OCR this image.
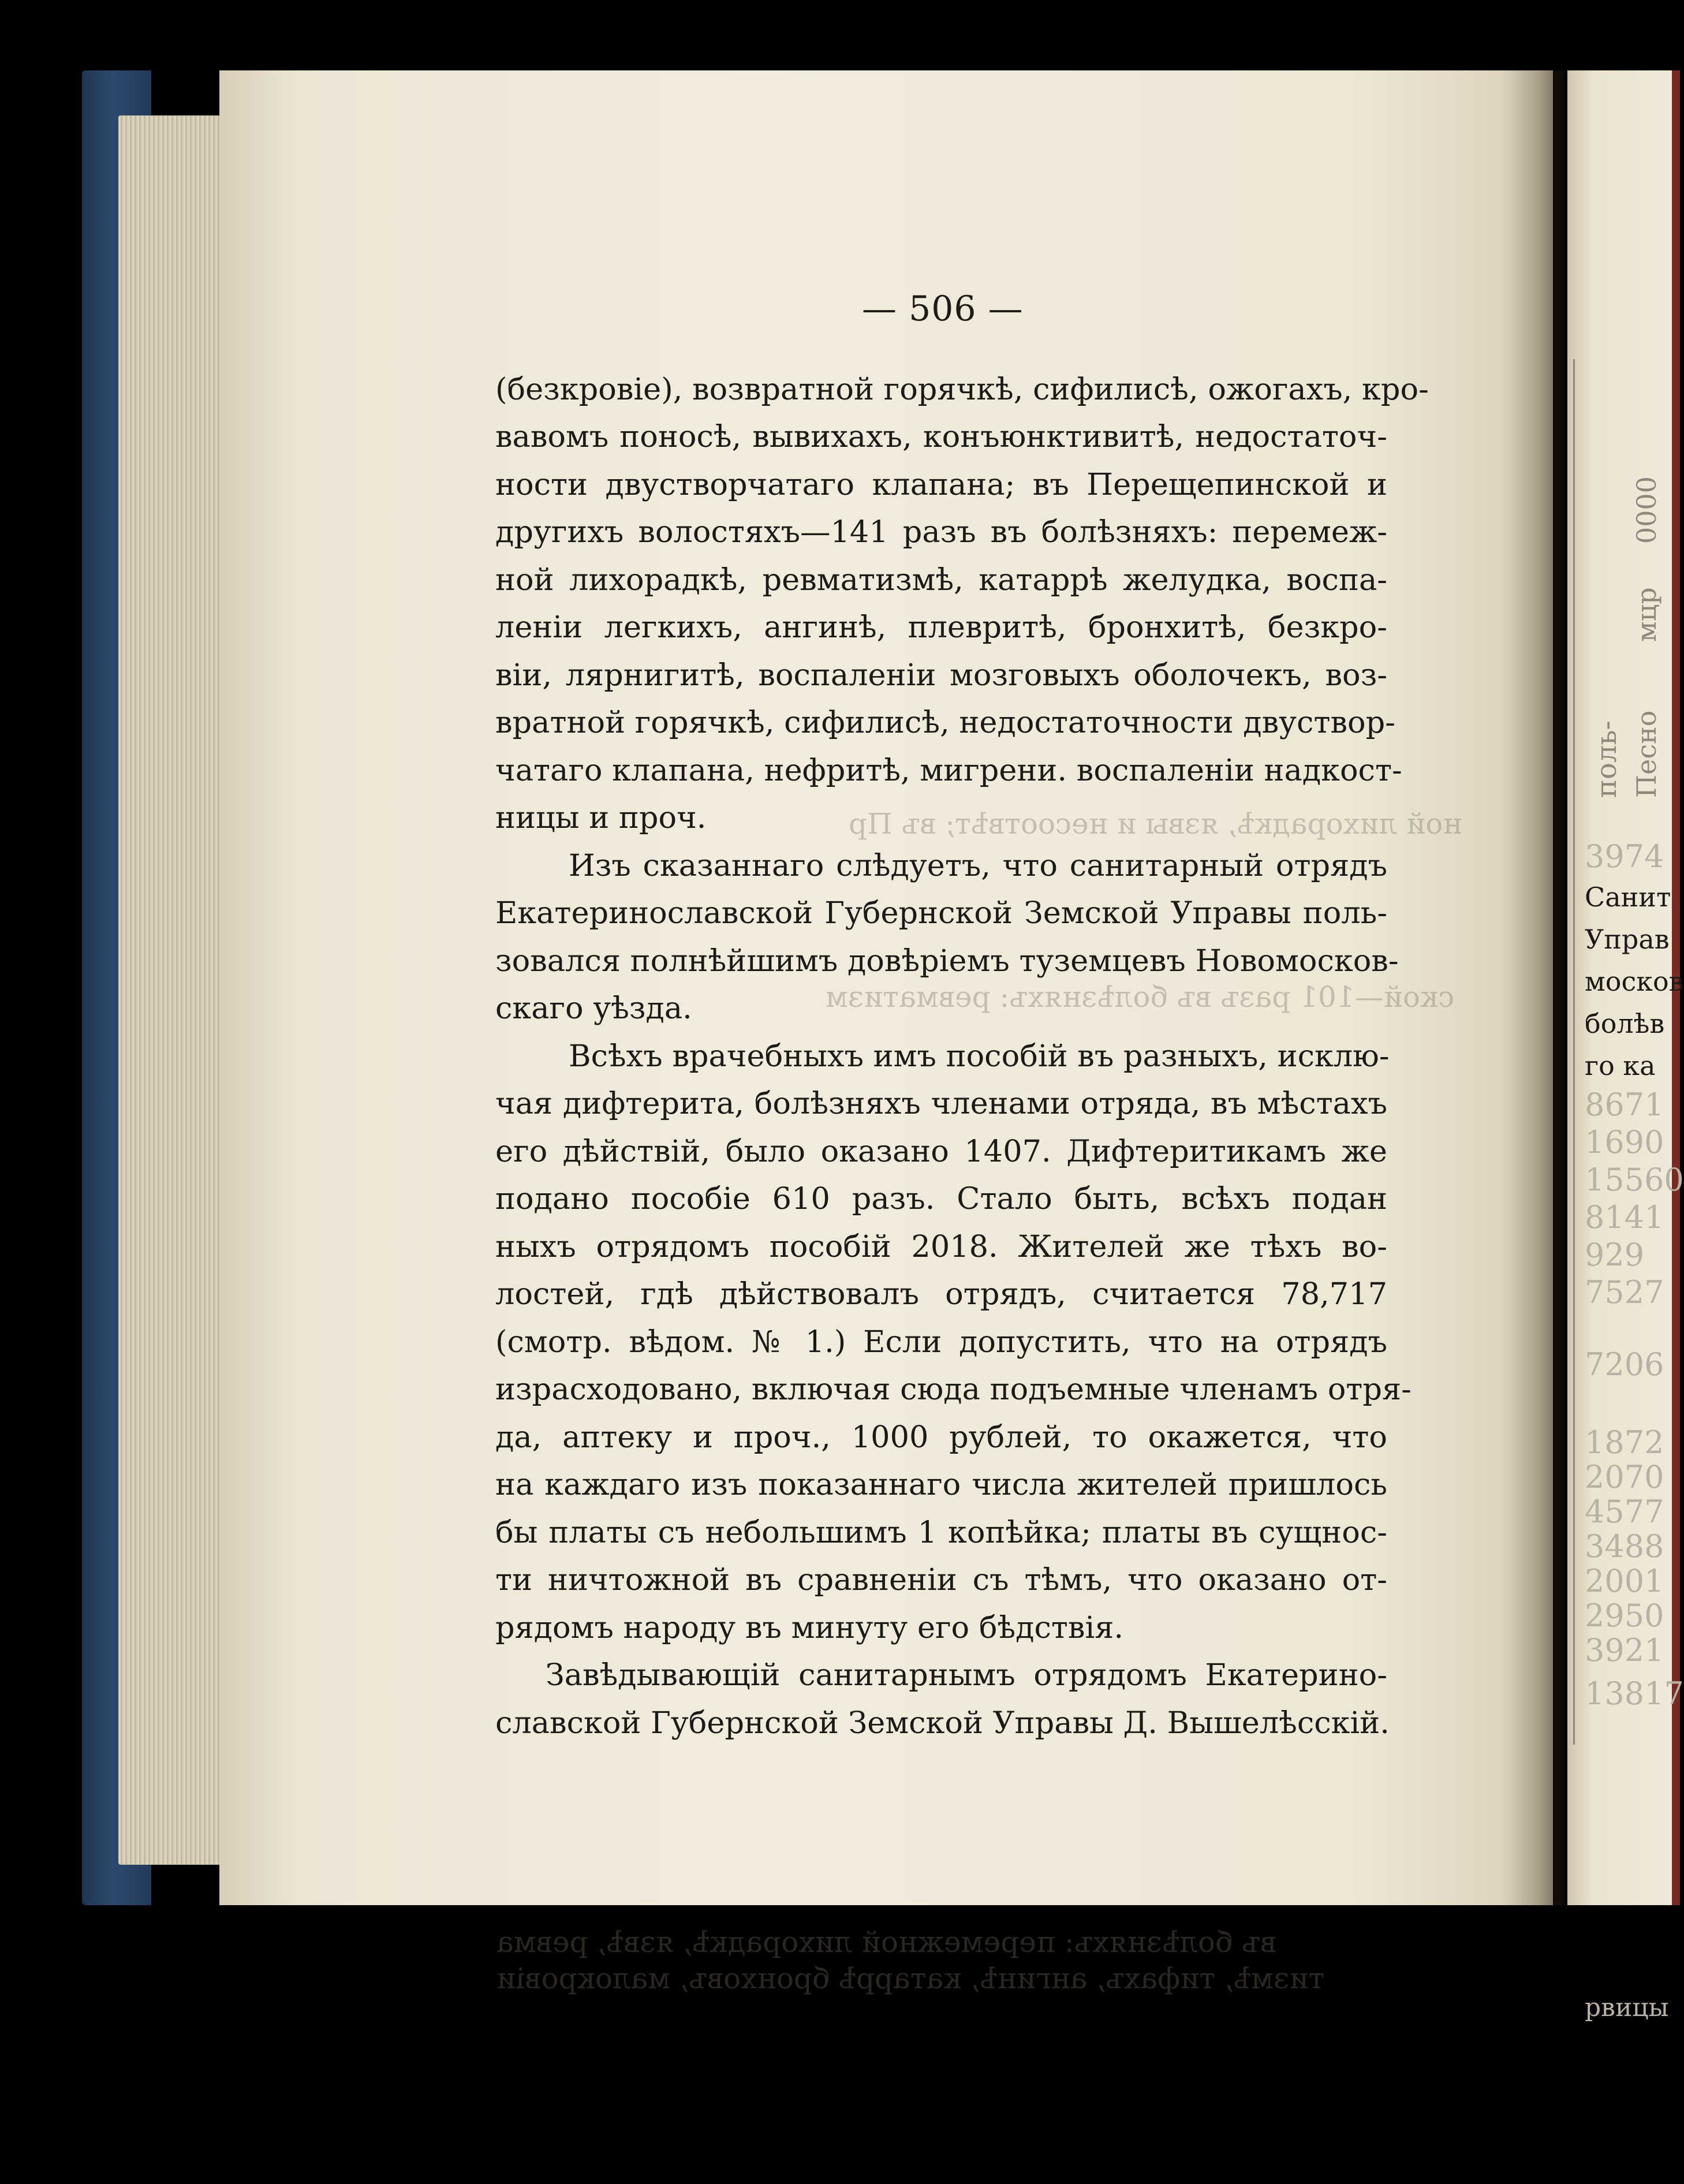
ной лихорадкѣ, язвы и несоотвѣт; въ Пр
ской—101 разъ въ болѣзняхъ: ревматизм
въ болѣзняхъ: перемежной лихорадкѣ, язвѣ, ревма
тизмѣ, тифахъ, ангинѣ, катаррѣ бронховъ, малокровіи
— 506 —
(безкровіе), возвратной горячкѣ, сифилисѣ, ожогахъ, кро-
вавомъ поносѣ, вывихахъ, конъюнктивитѣ, недостаточ-
ности двустворчатаго клапана; въ Перещепинской и
другихъ волостяхъ—141 разъ въ болѣзняхъ: перемеж-
ной лихорадкѣ, ревматизмѣ, катаррѣ желудка, воспа-
леніи легкихъ, ангинѣ, плевритѣ, бронхитѣ, безкро-
віи, лярнигитѣ, воспаленіи мозговыхъ оболочекъ, воз-
вратной горячкѣ, сифилисѣ, недостаточности двуствор-
чатаго клапана, нефритѣ, мигрени. воспаленіи надкост-
ницы и проч.
Изъ сказаннаго слѣдуетъ, что санитарный отрядъ
Екатеринославской Губернской Земской Управы поль-
зовался полнѣйшимъ довѣріемъ туземцевъ Новомосков-
скаго уѣзда.
Всѣхъ врачебныхъ имъ пособій въ разныхъ, исклю-
чая дифтерита, болѣзняхъ членами отряда, въ мѣстахъ
его дѣйствій, было оказано 1407. Дифтеритикамъ же
подано пособіе 610 разъ. Стало быть, всѣхъ подан
ныхъ отрядомъ пособій 2018. Жителей же тѣхъ во-
лостей, гдѣ дѣйствовалъ отрядъ, считается 78,717
(смотр. вѣдом. № 1.) Если допустить, что на отрядъ
израсходовано, включая сюда подъемные членамъ отря-
да, аптеку и проч., 1000 рублей, то окажется, что
на каждаго изъ показаннаго числа жителей пришлось
бы платы съ небольшимъ 1 копѣйка; платы въ сущнос-
ти ничтожной въ сравненіи съ тѣмъ, что оказано от-
рядомъ народу въ минуту его бѣдствія.
Завѣдывающій санитарнымъ отрядомъ Екатерино-
славской Губернской Земской Управы Д. Вышелѣсскій.
поль- Песно
мцр
0000
3974
Санит
Управ
москов
болѣв
го ка
8671
1690
15560
8141
929
7527
7206
1872
2070
4577
3488
2001
2950
3921
13817
рвицы
